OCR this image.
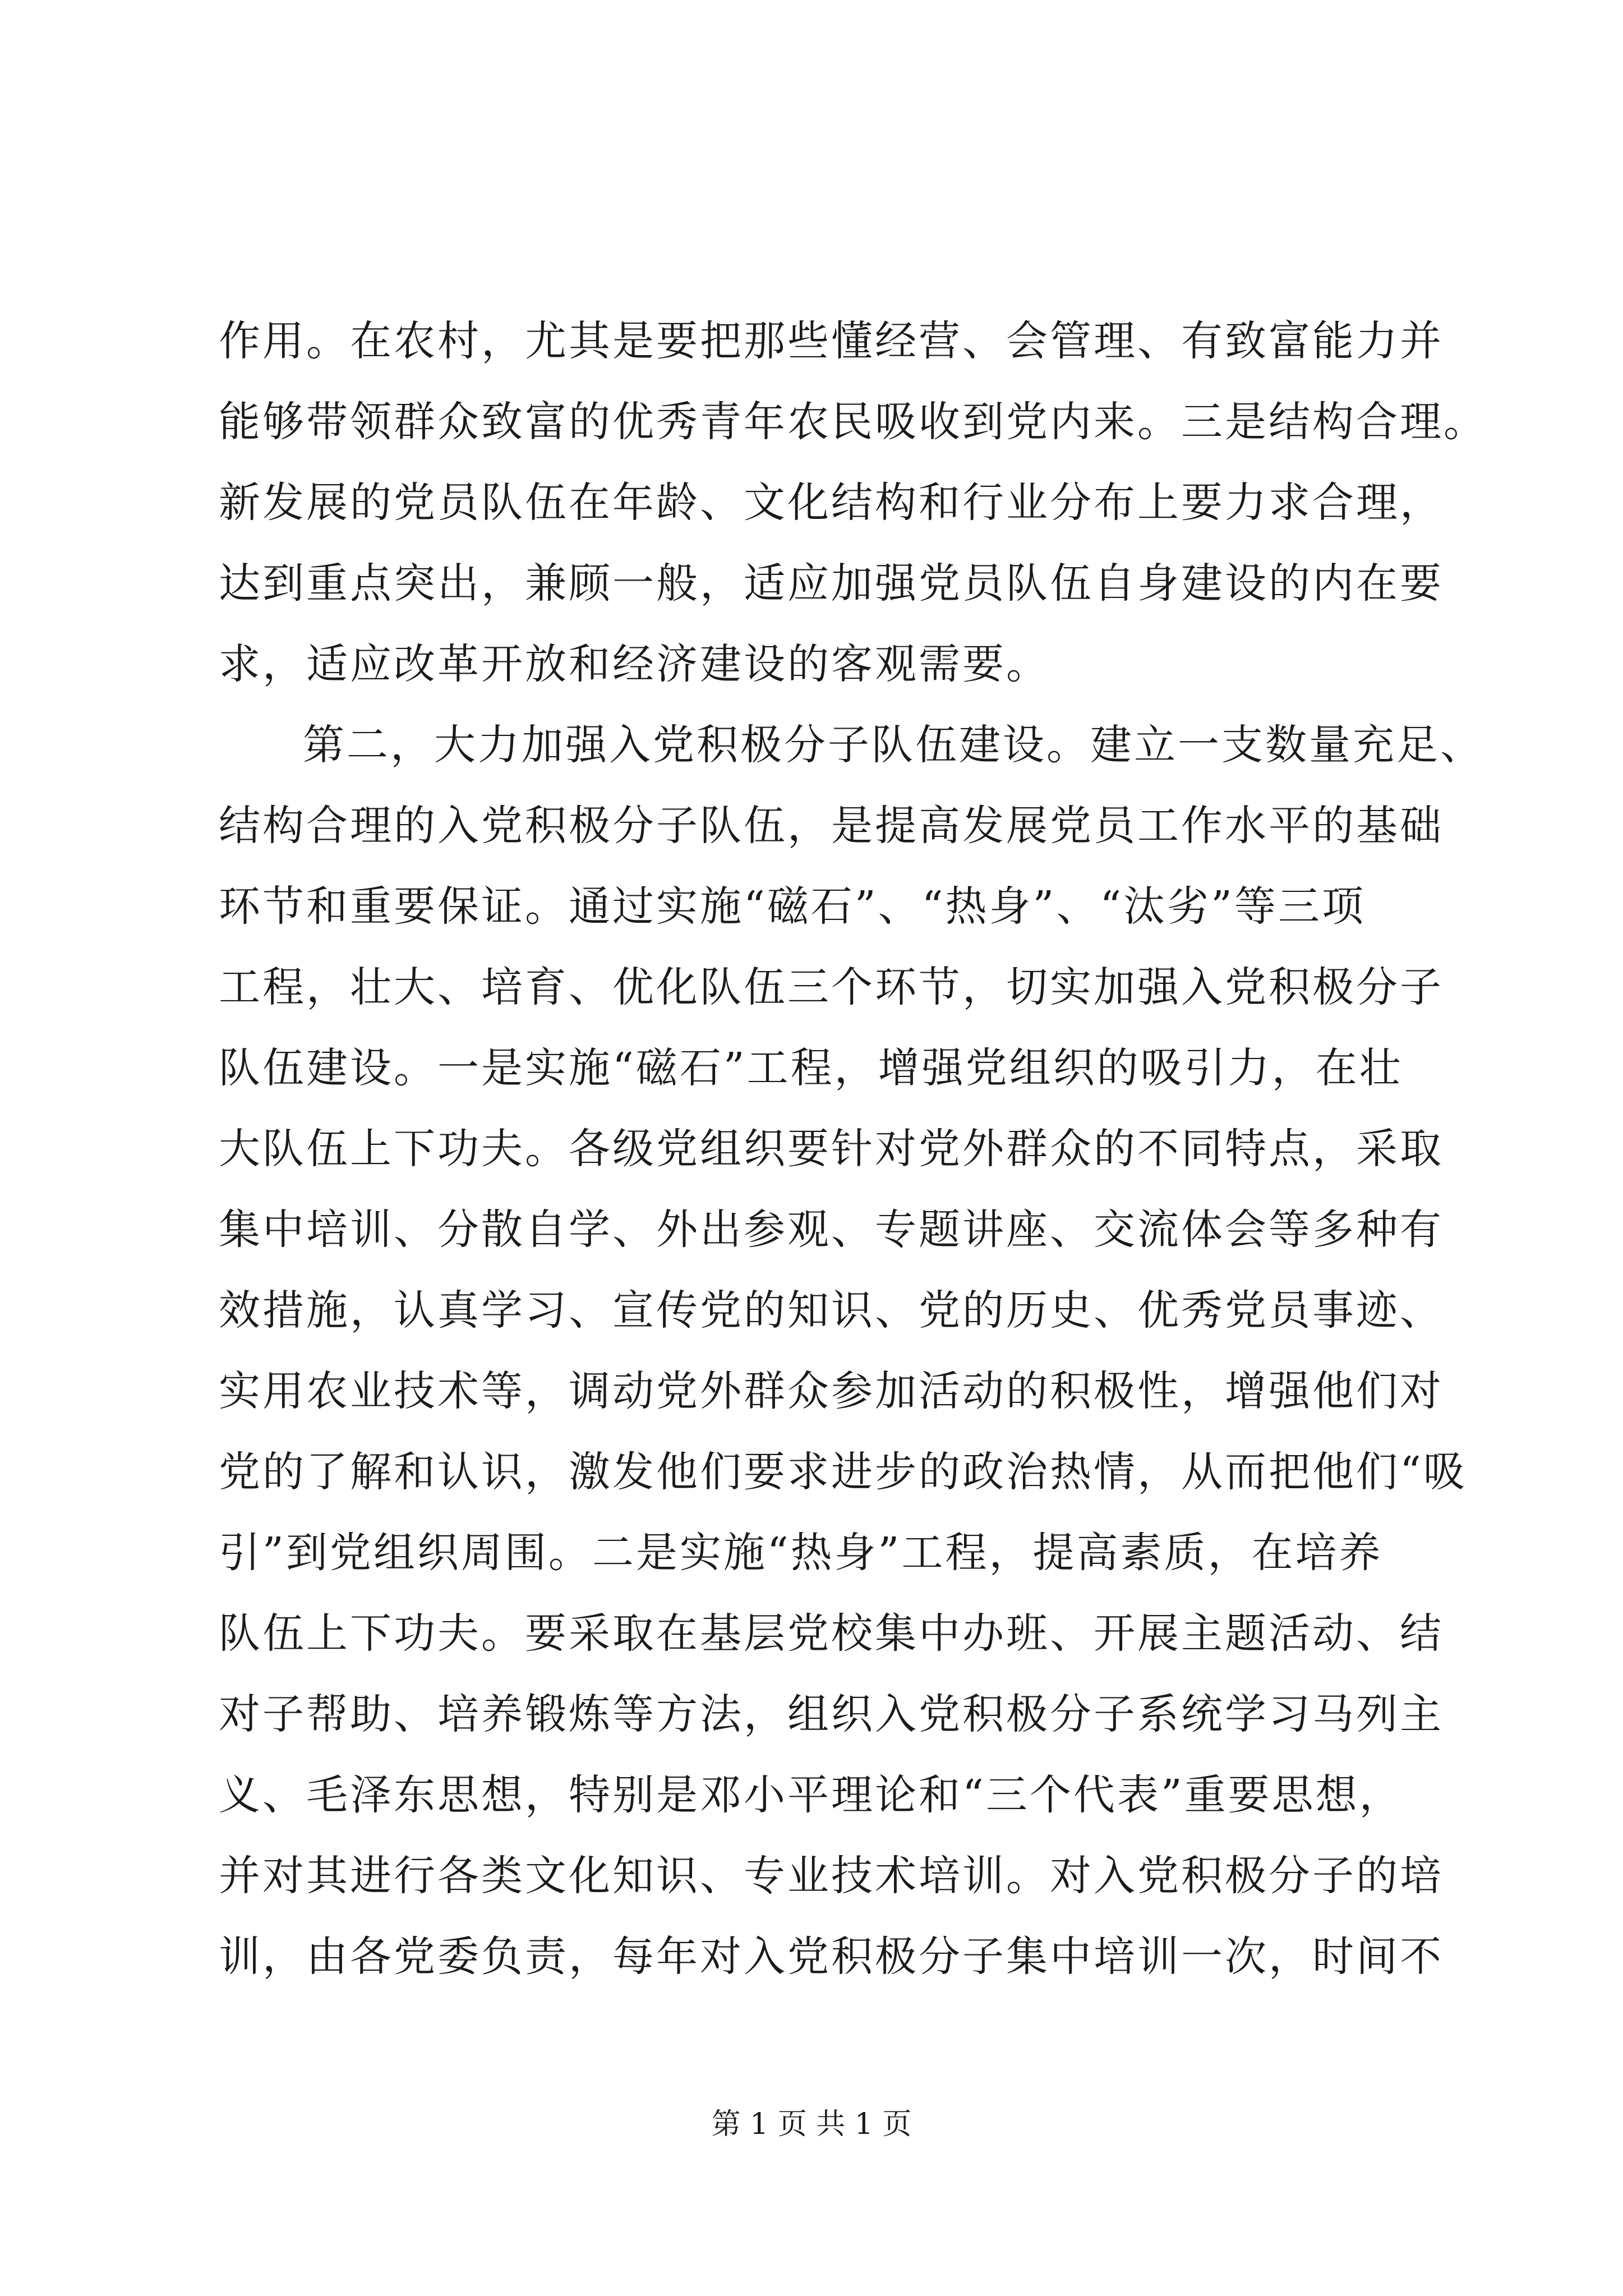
作用。在农村，尤其是要把那些懂经营、会管理、有致富能力并
能够带领群众致富的优秀青年农民吸收到党内来。三是结构合理。
新发展的党员队伍在年龄、文化结构和行业分布上要力求合理，
达到重点突出，兼顾一般，适应加强党员队伍自身建设的内在要
求，适应改革开放和经济建设的客观需要。
第二，大力加强入党积极分子队伍建设。建立一支数量充足、
结构合理的入党积极分子队伍，是提高发展党员工作水平的基础
环节和重要保证。通过实施“磁石”、“热身”、“汰劣”等三项
工程，壮大、培育、优化队伍三个环节，切实加强入党积极分子
队伍建设。一是实施“磁石”工程，增强党组织的吸引力，在壮
大队伍上下功夫。各级党组织要针对党外群众的不同特点，采取
集中培训、分散自学、外出参观、专题讲座、交流体会等多种有
效措施，认真学习、宣传党的知识、党的历史、优秀党员事迹、
实用农业技术等，调动党外群众参加活动的积极性，增强他们对
党的了解和认识，激发他们要求进步的政治热情，从而把他们“吸
引”到党组织周围。二是实施“热身”工程，提高素质，在培养
队伍上下功夫。要采取在基层党校集中办班、开展主题活动、结
对子帮助、培养锻炼等方法，组织入党积极分子系统学习马列主
义、毛泽东思想，特别是邓小平理论和“三个代表”重要思想，
并对其进行各类文化知识、专业技术培训。对入党积极分子的培
训，由各党委负责，每年对入党积极分子集中培训一次，时间不
第 1 页 共 1 页
